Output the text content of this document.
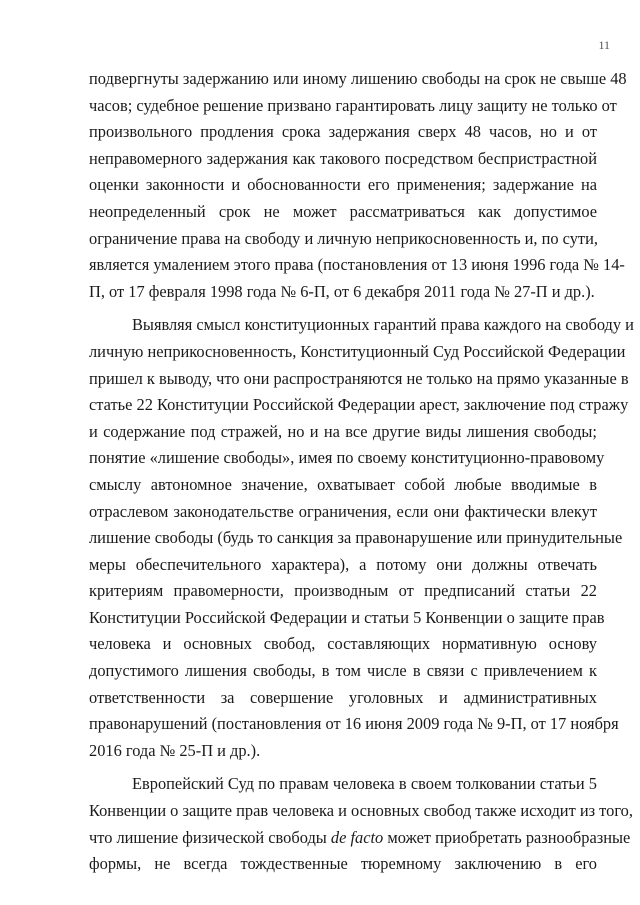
11
подвергнуты задержанию или иному лишению свободы на срок не свыше 48
часов; судебное решение призвано гарантировать лицу защиту не только от
произвольного продления срока задержания сверх 48 часов, но и от
неправомерного задержания как такового посредством беспристрастной
оценки законности и обоснованности его применения; задержание на
неопределенный срок не может рассматриваться как допустимое
ограничение права на свободу и личную неприкосновенность и, по сути,
является умалением этого права (постановления от 13 июня 1996 года № 14-
П, от 17 февраля 1998 года № 6-П, от 6 декабря 2011 года № 27-П и др.).
Выявляя смысл конституционных гарантий права каждого на свободу и
личную неприкосновенность, Конституционный Суд Российской Федерации
пришел к выводу, что они распространяются не только на прямо указанные в
статье 22 Конституции Российской Федерации арест, заключение под стражу
и содержание под стражей, но и на все другие виды лишения свободы;
понятие «лишение свободы», имея по своему конституционно-правовому
смыслу автономное значение, охватывает собой любые вводимые в
отраслевом законодательстве ограничения, если они фактически влекут
лишение свободы (будь то санкция за правонарушение или принудительные
меры обеспечительного характера), а потому они должны отвечать
критериям правомерности, производным от предписаний статьи 22
Конституции Российской Федерации и статьи 5 Конвенции о защите прав
человека и основных свобод, составляющих нормативную основу
допустимого лишения свободы, в том числе в связи с привлечением к
ответственности за совершение уголовных и административных
правонарушений (постановления от 16 июня 2009 года № 9-П, от 17 ноября
2016 года № 25-П и др.).
Европейский Суд по правам человека в своем толковании статьи 5
Конвенции о защите прав человека и основных свобод также исходит из того,
что лишение физической свободы de facto может приобретать разнообразные
формы, не всегда тождественные тюремному заключению в его
